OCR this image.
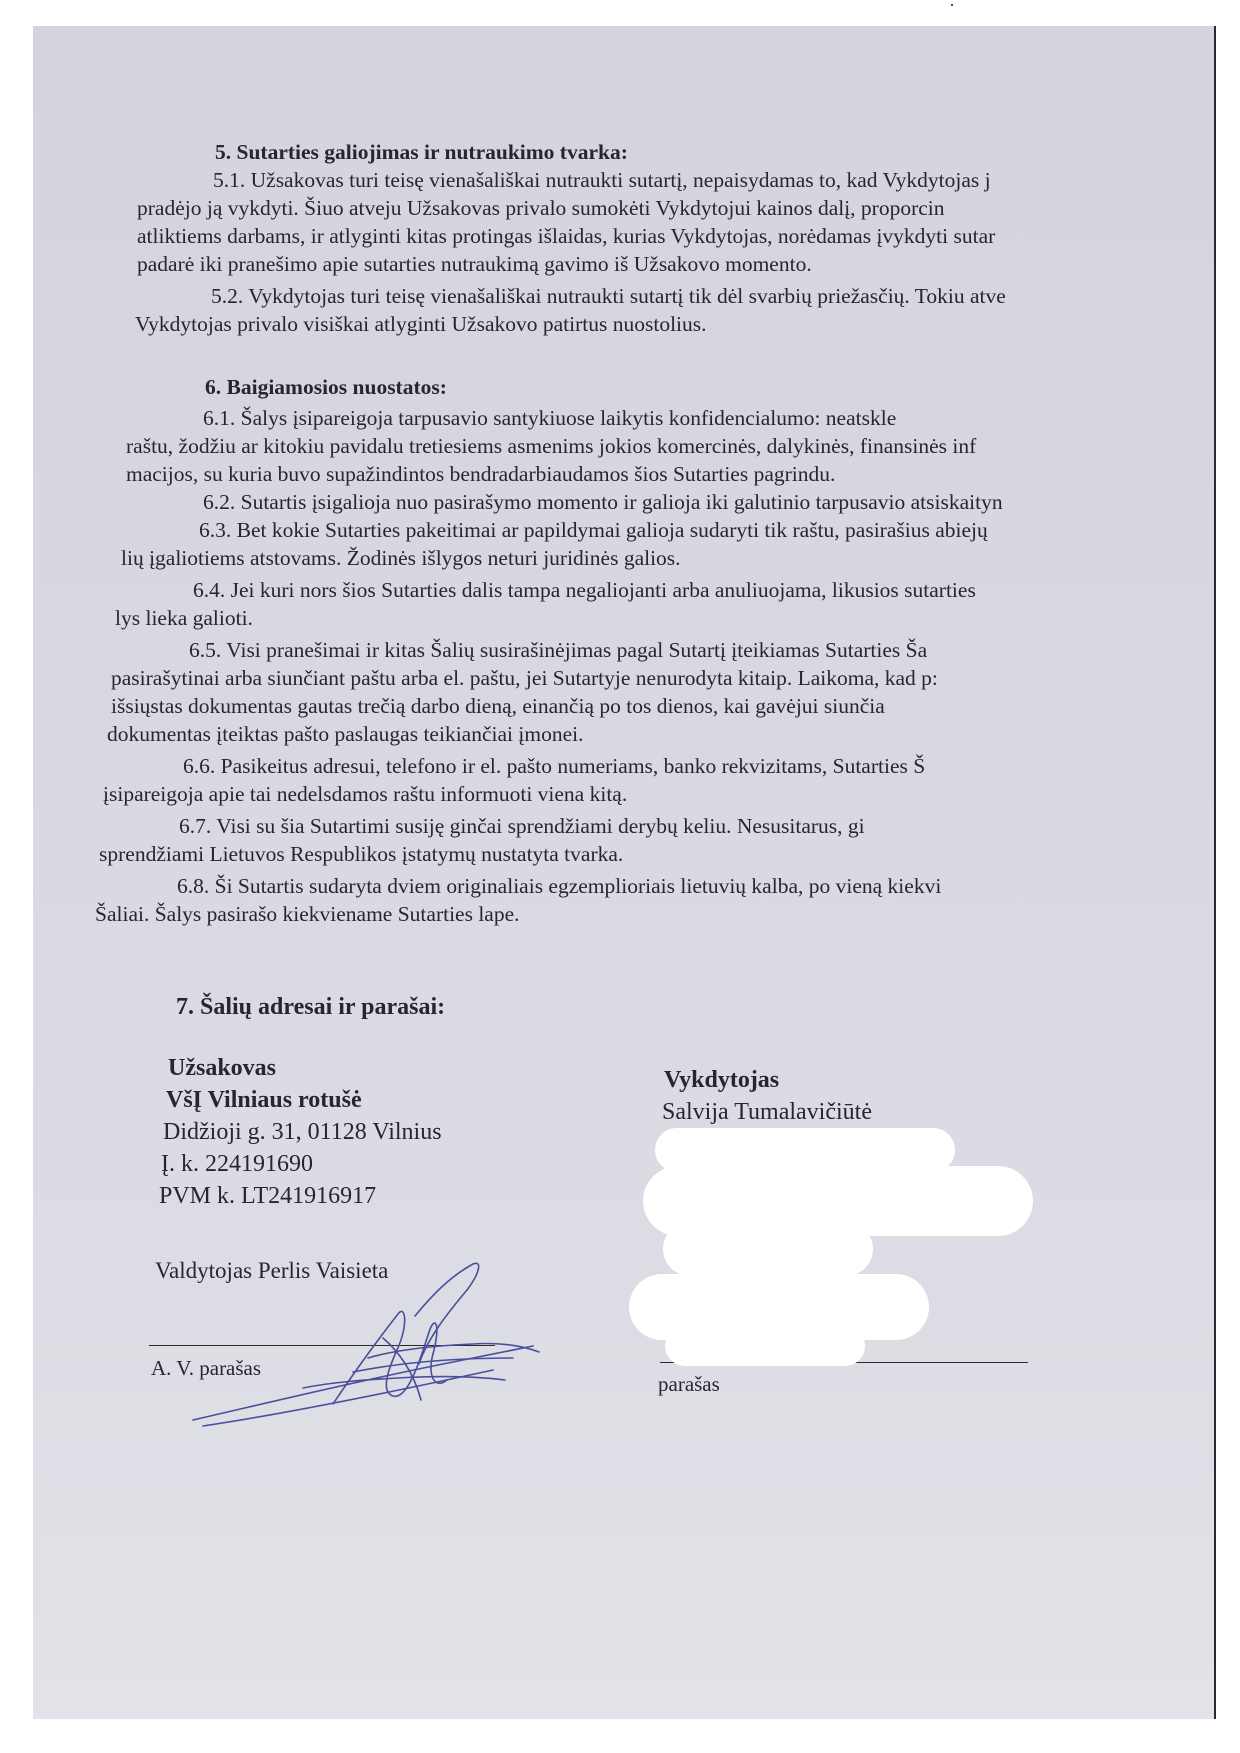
5. Sutarties galiojimas ir nutraukimo tvarka:
5.1. Užsakovas turi teisę vienašališkai nutraukti sutartį, nepaisydamas to, kad Vykdytojas j
pradėjo ją vykdyti. Šiuo atveju Užsakovas privalo sumokėti Vykdytojui kainos dalį, proporcin
atliktiems darbams, ir atlyginti kitas protingas išlaidas, kurias Vykdytojas, norėdamas įvykdyti sutar
padarė iki pranešimo apie sutarties nutraukimą gavimo iš Užsakovo momento.
5.2. Vykdytojas turi teisę vienašališkai nutraukti sutartį tik dėl svarbių priežasčių. Tokiu atve
Vykdytojas privalo visiškai atlyginti Užsakovo patirtus nuostolius.
6. Baigiamosios nuostatos:
6.1. Šalys įsipareigoja tarpusavio santykiuose laikytis konfidencialumo: neatskle
raštu, žodžiu ar kitokiu pavidalu tretiesiems asmenims jokios komercinės, dalykinės, finansinės inf
macijos, su kuria buvo supažindintos bendradarbiaudamos šios Sutarties pagrindu.
6.2. Sutartis įsigalioja nuo pasirašymo momento ir galioja iki galutinio tarpusavio atsiskaityn
6.3. Bet kokie Sutarties pakeitimai ar papildymai galioja sudaryti tik raštu, pasirašius abiejų
lių įgaliotiems atstovams. Žodinės išlygos neturi juridinės galios.
6.4. Jei kuri nors šios Sutarties dalis tampa negaliojanti arba anuliuojama, likusios sutarties
lys lieka galioti.
6.5. Visi pranešimai ir kitas Šalių susirašinėjimas pagal Sutartį įteikiamas Sutarties Ša
pasirašytinai arba siunčiant paštu arba el. paštu, jei Sutartyje nenurodyta kitaip. Laikoma, kad p:
išsiųstas dokumentas gautas trečią darbo dieną, einančią po tos dienos, kai gavėjui siunčia
dokumentas įteiktas pašto paslaugas teikiančiai įmonei.
6.6. Pasikeitus adresui, telefono ir el. pašto numeriams, banko rekvizitams, Sutarties Š
įsipareigoja apie tai nedelsdamos raštu informuoti viena kitą.
6.7. Visi su šia Sutartimi susiję ginčai sprendžiami derybų keliu. Nesusitarus, gi
sprendžiami Lietuvos Respublikos įstatymų nustatyta tvarka.
6.8. Ši Sutartis sudaryta dviem originaliais egzemplioriais lietuvių kalba, po vieną kiekvi
Šaliai. Šalys pasirašo kiekviename Sutarties lape.
7. Šalių adresai ir parašai:
Užsakovas
VšĮ Vilniaus rotušė
Didžioji g. 31, 01128 Vilnius
Į. k. 224191690
PVM k. LT241916917
Valdytojas Perlis Vaisieta
A. V. parašas
Vykdytojas
Salvija Tumalavičiūtė
parašas
